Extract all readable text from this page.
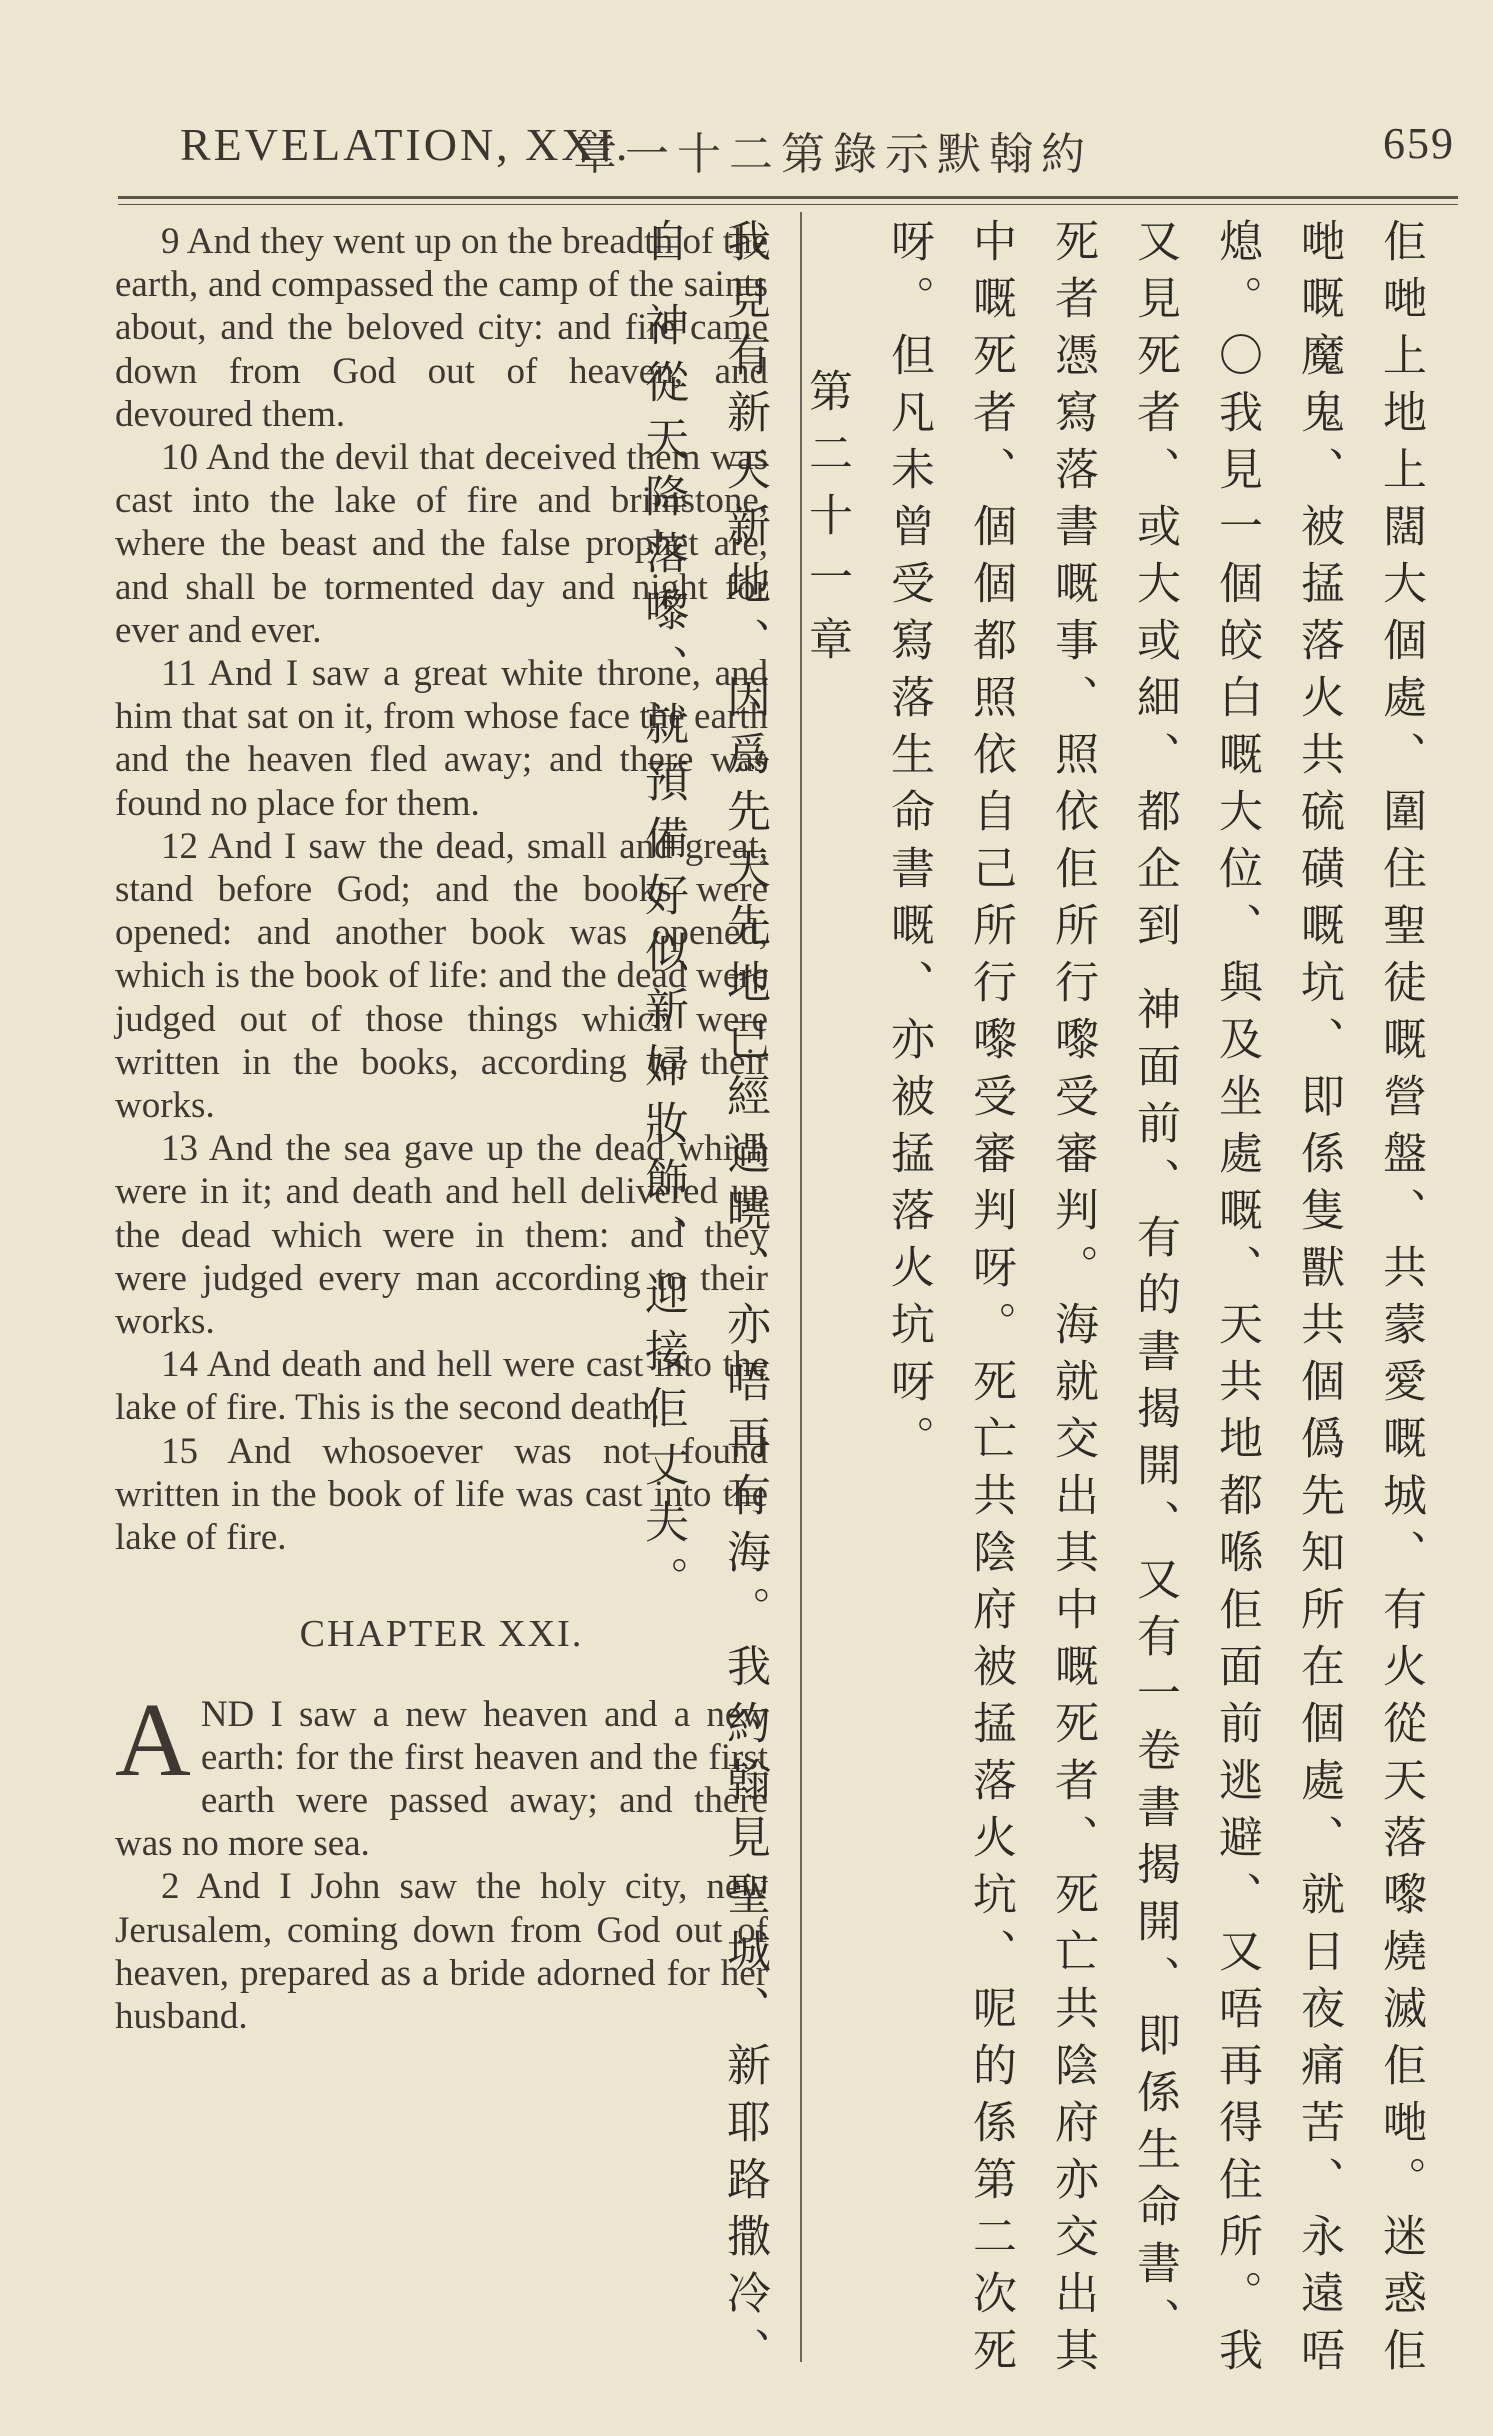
REVELATION, XXI.
章一十二第錄示默翰約	659

9 And they went up on the breadth of the earth, and compassed the camp of the saints about, and the beloved city: and fire came down from God out of heaven, and devoured them.

10 And the devil that deceived them was cast into the lake of fire and brimstone, where the beast and the false prophet are, and shall be tormented day and night for ever and ever.

11 And I saw a great white throne, and him that sat on it, from whose face the earth and the heaven fled away; and there was found no place for them.

12 And I saw the dead, small and great, stand before God; and the books were opened: and another book was opened, which is the book of life: and the dead were judged out of those things which were written in the books, according to their works.

13 And the sea gave up the dead which were in it; and death and hell delivered up the dead which were in them: and they were judged every man according to their works.

14 And death and hell were cast into the lake of fire. This is the second death.

15 And whosoever was not found written in the book of life was cast into the lake of fire.

CHAPTER XXI.

AND I saw a new heaven and a new earth: for the first heaven and the first earth were passed away; and there was no more sea.

2 And I John saw the holy city, new Jerusalem, coming down from God out of heaven, prepared as a bride adorned for her husband.	佢哋上地上闊大個處、圍住聖徒嘅營盤、共蒙愛嘅城、有火從天落嚟燒滅佢哋。迷惑佢哋嘅魔鬼、被掹落火共硫磺嘅坑、即係隻獸共個僞先知所在個處、就日夜痛苦、永遠唔熄。〇我見一個皎白嘅大位、與及坐處嘅、天共地都喺佢面前逃避、又唔再得住所。我又見死者、或大或細、都企到 神面前、有的書揭開、又有一卷書揭開、即係生命書、死者憑寫落書嘅事、照依佢所行嚟受審判。海就交出其中嘅死者、死亡共陰府亦交出其中嘅死者、個個都照依自己所行嚟受審判呀。死亡共陰府被掹落火坑、呢的係第二次死呀。但凡未曾受寫落生命書嘅、亦被掹落火坑呀。

第二十一章

我見有新天新地、因爲先天先地已經過曉、亦唔再有海。我約翰見聖城、新耶路撒冷、自 神從天降落嚟、就預備好似新婦妝飾、迎接佢丈夫。
